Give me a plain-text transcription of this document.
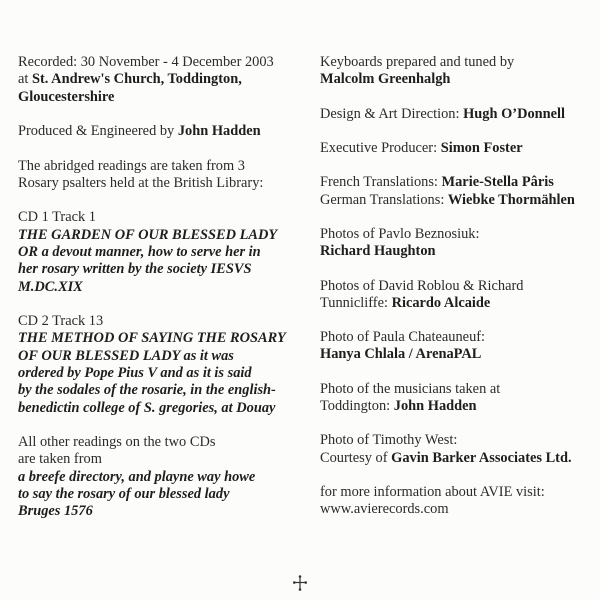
Recorded: 30 November - 4 December 2003
at St. Andrew's Church, Toddington,
Gloucestershire
Produced & Engineered by John Hadden
The abridged readings are taken from 3
Rosary psalters held at the British Library:
CD 1 Track 1
THE GARDEN OF OUR BLESSED LADY
OR a devout manner, how to serve her in
her rosary written by the society IESVS
M.DC.XIX
CD 2 Track 13
THE METHOD OF SAYING THE ROSARY
OF OUR BLESSED LADY as it was
ordered by Pope Pius V and as it is said
by the sodales of the rosarie, in the english-
benedictin college of S. gregories, at Douay
All other readings on the two CDs
are taken from
a breefe directory, and playne way howe
to say the rosary of our blessed lady
Bruges 1576
Keyboards prepared and tuned by
Malcolm Greenhalgh
Design & Art Direction: Hugh O’Donnell
Executive Producer: Simon Foster
French Translations: Marie-Stella Pâris
German Translations: Wiebke Thormählen
Photos of Pavlo Beznosiuk:
Richard Haughton
Photos of David Roblou & Richard
Tunnicliffe: Ricardo Alcaide
Photo of Paula Chateauneuf:
Hanya Chlala / ArenaPAL
Photo of the musicians taken at
Toddington: John Hadden
Photo of Timothy West:
Courtesy of Gavin Barker Associates Ltd.
for more information about AVIE visit:
www.avierecords.com
